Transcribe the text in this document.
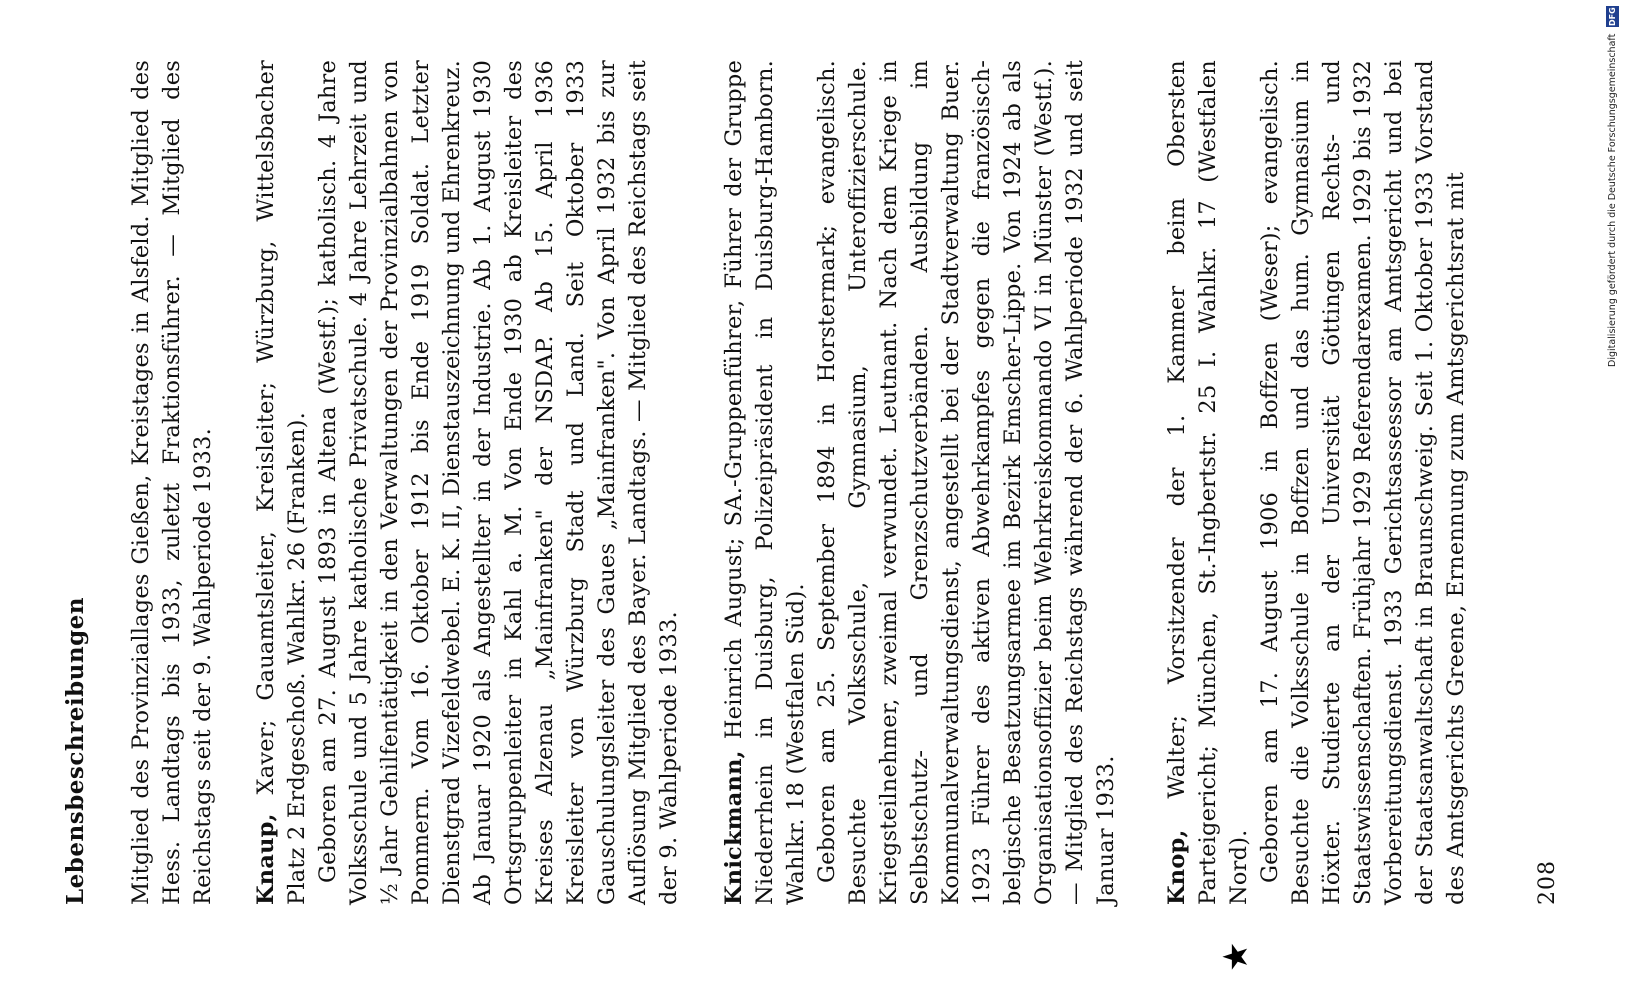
Lebensbeschreibungen Mitglied des Provinziallages Gießen, Kreistages in Alsfeld. Mitglied des Hess. Landtags bis 1933, zuletzt Fraktionsführer. — Mitglied des Reichstags seit der 9. Wahlperiode 1933. Knaup, Xaver; Gauamtsleiter, Kreisleiter; Würzburg, Wittelsbacher Platz 2 Erdgeschoß. Wahlkr. 26 (Franken). Geboren am 27. August 1893 in Altena (Westf.); katholisch. 4 Jahre Volksschule und 5 Jahre katholische Privatschule. 4 Jahre Lehrzeit und ½ Jahr Gehilfentätigkeit in den Verwaltungen der Provinzialbahnen von Pommern. Vom 16. Oktober 1912 bis Ende 1919 Soldat. Letzter Dienstgrad Vizefeldwebel. E. K. II, Dienstauszeichnung und Ehrenkreuz. Ab Januar 1920 als Angestellter in der Industrie. Ab 1. August 1930 Ortsgruppenleiter in Kahl a. M. Von Ende 1930 ab Kreisleiter des Kreises Alzenau „Mainfranken" der NSDAP. Ab 15. April 1936 Kreisleiter von Würzburg Stadt und Land. Seit Oktober 1933 Gauschulungsleiter des Gaues „Mainfranken". Von April 1932 bis zur Auflösung Mitglied des Bayer. Landtags. — Mitglied des Reichstags seit der 9. Wahlperiode 1933. Knickmann, Heinrich August; SA.-Gruppenführer, Führer der Gruppe Niederrhein in Duisburg, Polizeipräsident in Duisburg-Hamborn. Wahlkr. 18 (Westfalen Süd). Geboren am 25. September 1894 in Horstermark; evangelisch. Besuchte Volksschule, Gymnasium, Unteroffizierschule. Kriegsteilnehmer, zweimal verwundet. Leutnant. Nach dem Kriege in Selbstschutz- und Grenzschutzverbänden. Ausbildung im Kommunalverwaltungsdienst, angestellt bei der Stadtverwaltung Buer. 1923 Führer des aktiven Abwehrkampfes gegen die französisch-belgische Besatzungsarmee im Bezirk Emscher-Lippe. Von 1924 ab als Organisationsoffizier beim Wehrkreiskommando VI in Münster (Westf.). — Mitglied des Reichstags während der 6. Wahlperiode 1932 und seit Januar 1933. Knop, Walter; Vorsitzender der 1. Kammer beim Obersten Parteigericht; München, St.-Ingbertstr. 25 I. Wahlkr. 17 (Westfalen Nord). Geboren am 17. August 1906 in Boffzen (Weser); evangelisch. Besuchte die Volksschule in Boffzen und das hum. Gymnasium in Höxter. Studierte an der Universität Göttingen Rechts- und Staatswissenschaften. Frühjahr 1929 Referendarexamen. 1929 bis 1932 Vorbereitungsdienst. 1933 Gerichtsassessor am Amtsgericht und bei der Staatsanwaltschaft in Braunschweig. Seit 1. Oktober 1933 Vorstand des Amtsgerichts Greene, Ernennung zum Amtsgerichtsrat mit

★
208
Digitalisierung gefördert durch die Deutsche Forschungsgemeinschaft DFG
